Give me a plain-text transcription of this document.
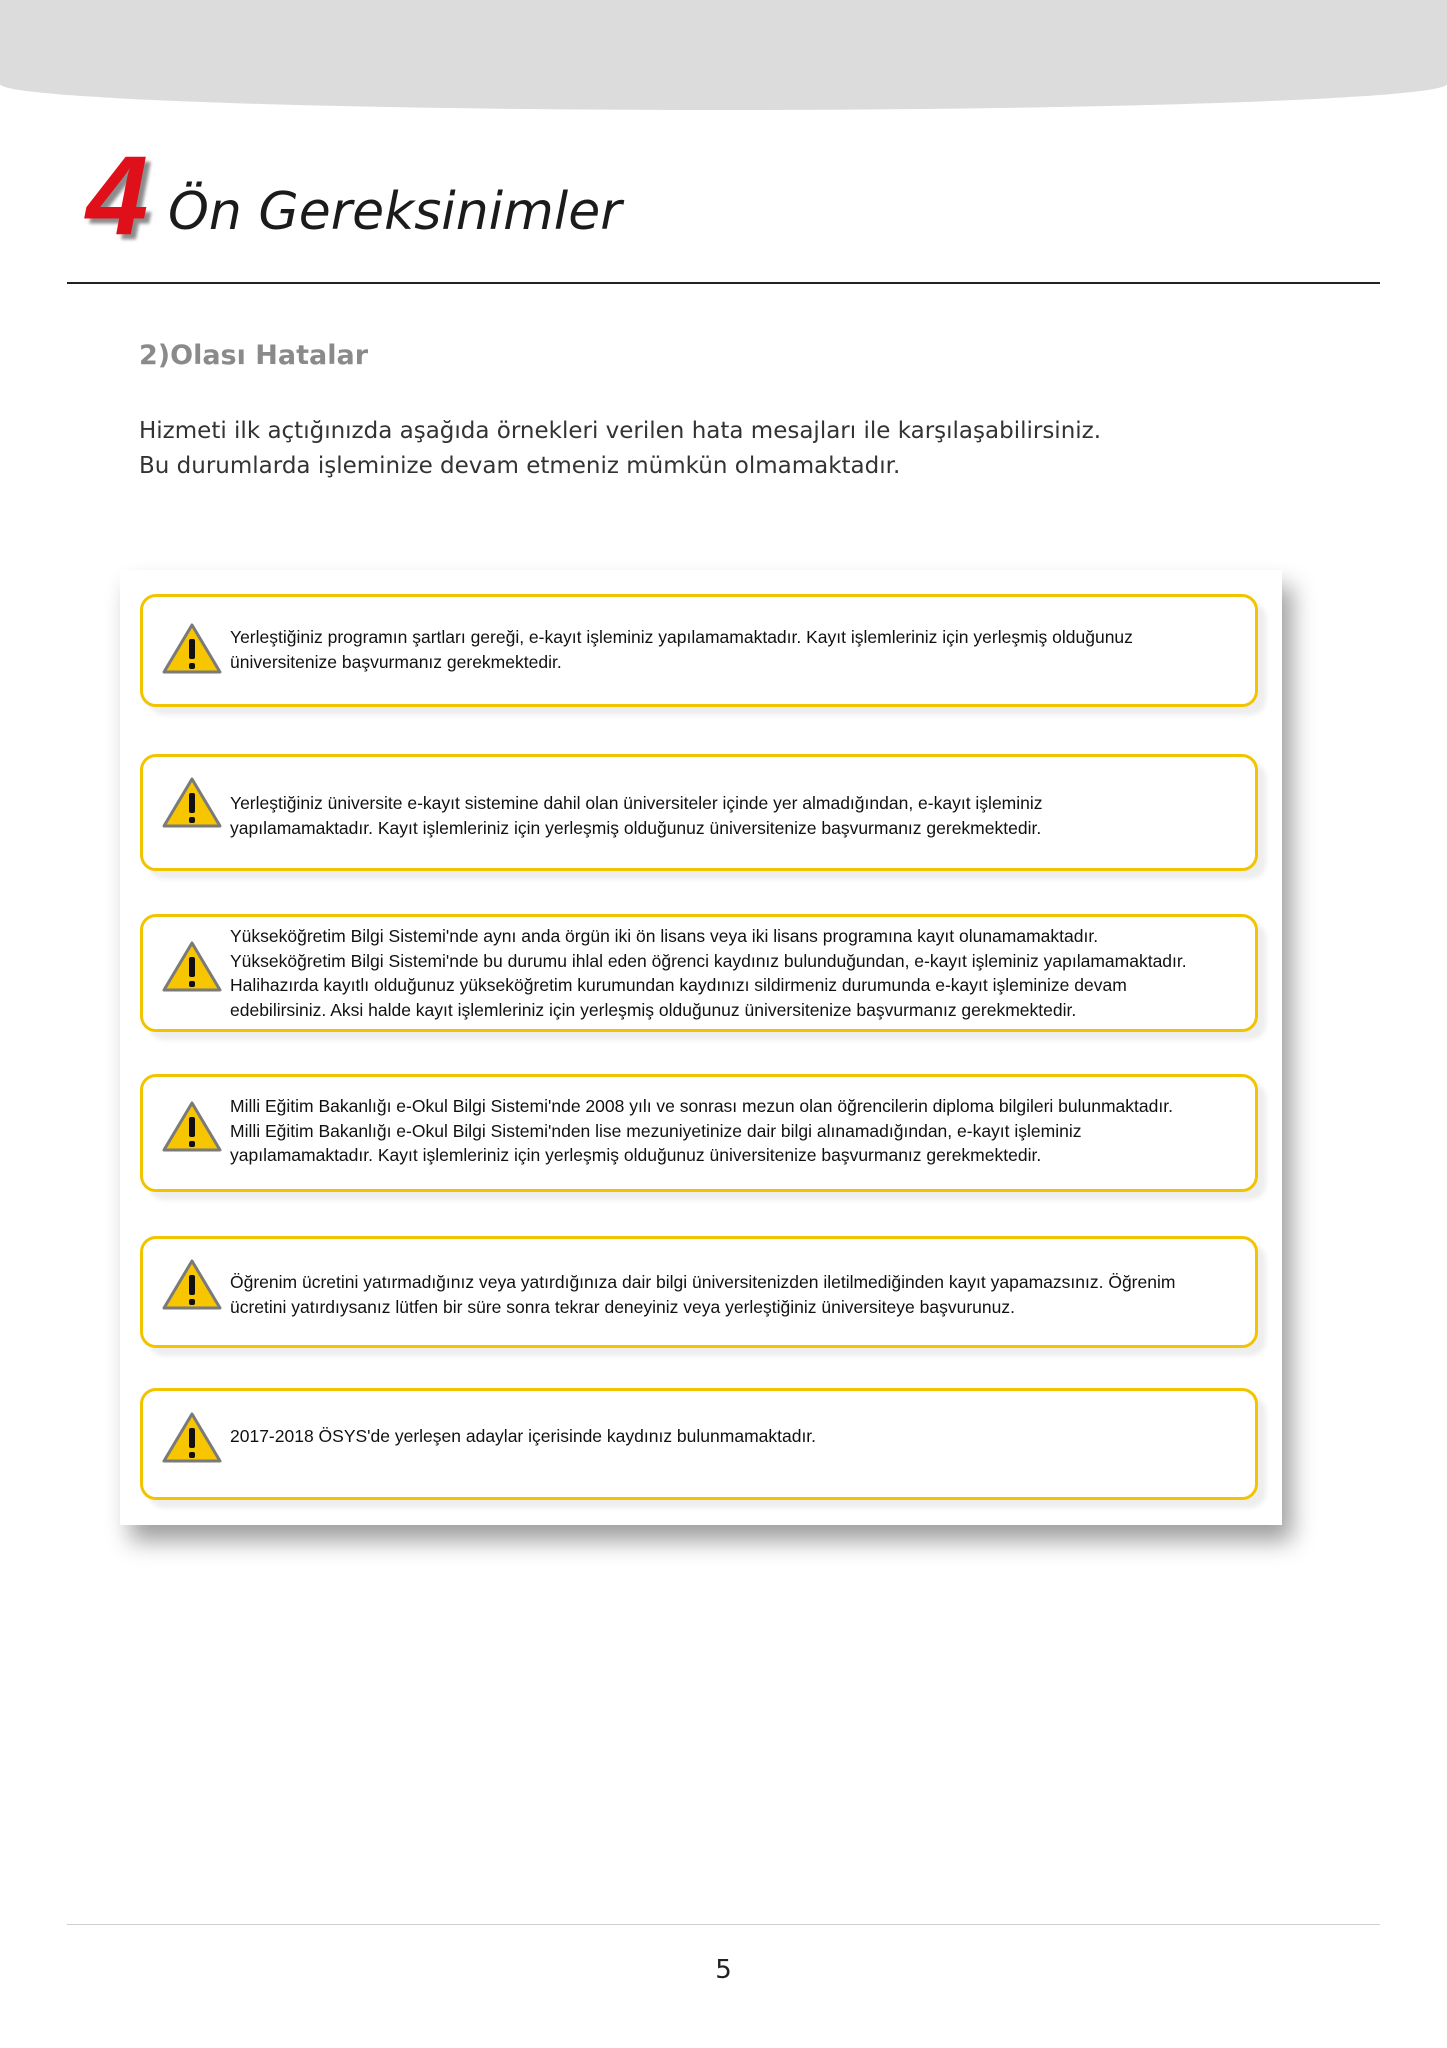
4 Ön Gereksinimler
2)Olası Hatalar

Hizmeti ilk açtığınızda aşağıda örnekleri verilen hata mesajları ile karşılaşabilirsiniz.
Bu durumlarda işleminize devam etmeniz mümkün olmamaktadır.

Yerleştiğiniz programın şartları gereği, e-kayıt işleminiz yapılamamaktadır. Kayıt işlemleriniz için yerleşmiş olduğunuz
üniversitenize başvurmanız gerekmektedir.
Yerleştiğiniz üniversite e-kayıt sistemine dahil olan üniversiteler içinde yer almadığından, e-kayıt işleminiz
yapılamamaktadır. Kayıt işlemleriniz için yerleşmiş olduğunuz üniversitenize başvurmanız gerekmektedir.
Yükseköğretim Bilgi Sistemi'nde aynı anda örgün iki ön lisans veya iki lisans programına kayıt olunamamaktadır.
Yükseköğretim Bilgi Sistemi'nde bu durumu ihlal eden öğrenci kaydınız bulunduğundan, e-kayıt işleminiz yapılamamaktadır.
Halihazırda kayıtlı olduğunuz yükseköğretim kurumundan kaydınızı sildirmeniz durumunda e-kayıt işleminize devam
edebilirsiniz. Aksi halde kayıt işlemleriniz için yerleşmiş olduğunuz üniversitenize başvurmanız gerekmektedir.
Milli Eğitim Bakanlığı e-Okul Bilgi Sistemi'nde 2008 yılı ve sonrası mezun olan öğrencilerin diploma bilgileri bulunmaktadır.
Milli Eğitim Bakanlığı e-Okul Bilgi Sistemi'nden lise mezuniyetinize dair bilgi alınamadığından, e-kayıt işleminiz
yapılamamaktadır. Kayıt işlemleriniz için yerleşmiş olduğunuz üniversitenize başvurmanız gerekmektedir.
Öğrenim ücretini yatırmadığınız veya yatırdığınıza dair bilgi üniversitenizden iletilmediğinden kayıt yapamazsınız. Öğrenim
ücretini yatırdıysanız lütfen bir süre sonra tekrar deneyiniz veya yerleştiğiniz üniversiteye başvurunuz.
2017-2018 ÖSYS'de yerleşen adaylar içerisinde kaydınız bulunmamaktadır.
5
